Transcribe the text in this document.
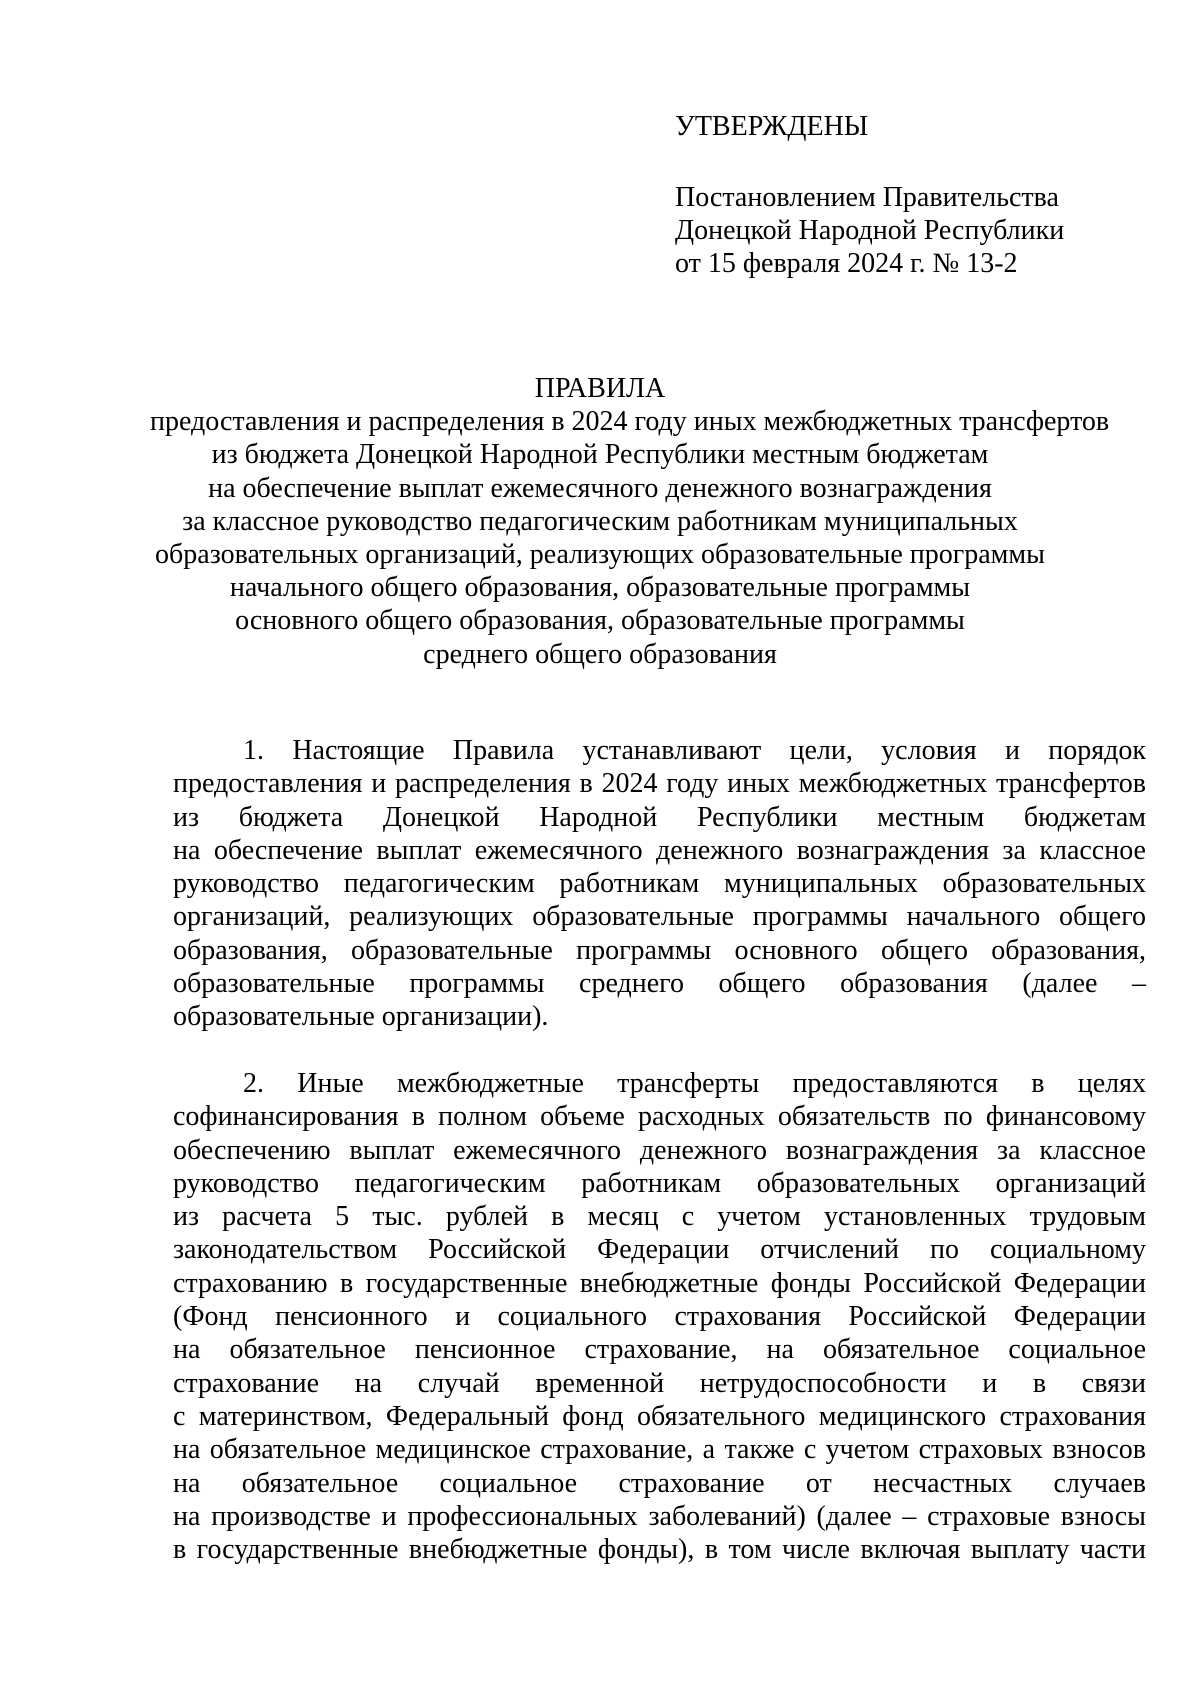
УТВЕРЖДЕНЫ
Постановлением Правительства
Донецкой Народной Республики
от 15 февраля 2024 г. № 13-2
ПРАВИЛА
предоставления и распределения в 2024 году иных межбюджетных трансфертов
из бюджета Донецкой Народной Республики местным бюджетам
на обеспечение выплат ежемесячного денежного вознаграждения
за классное руководство педагогическим работникам муниципальных
образовательных организаций, реализующих образовательные программы
начального общего образования, образовательные программы
основного общего образования, образовательные программы
среднего общего образования

1. Настоящие Правила устанавливают цели, условия и порядок
предоставления и распределения в 2024 году иных межбюджетных трансфертов
из бюджета Донецкой Народной Республики местным бюджетам
на обеспечение выплат ежемесячного денежного вознаграждения за классное
руководство педагогическим работникам муниципальных образовательных
организаций, реализующих образовательные программы начального общего
образования, образовательные программы основного общего образования,
образовательные программы среднего общего образования (далее –
образовательные организации).

2. Иные межбюджетные трансферты предоставляются в целях
софинансирования в полном объеме расходных обязательств по финансовому
обеспечению выплат ежемесячного денежного вознаграждения за классное
руководство педагогическим работникам образовательных организаций
из расчета 5 тыс. рублей в месяц с учетом установленных трудовым
законодательством Российской Федерации отчислений по социальному
страхованию в государственные внебюджетные фонды Российской Федерации
(Фонд пенсионного и социального страхования Российской Федерации
на обязательное пенсионное страхование, на обязательное социальное
страхование на случай временной нетрудоспособности и в связи
с материнством, Федеральный фонд обязательного медицинского страхования
на обязательное медицинское страхование, а также с учетом страховых взносов
на обязательное социальное страхование от несчастных случаев
на производстве и профессиональных заболеваний) (далее – страховые взносы
в государственные внебюджетные фонды), в том числе включая выплату части
